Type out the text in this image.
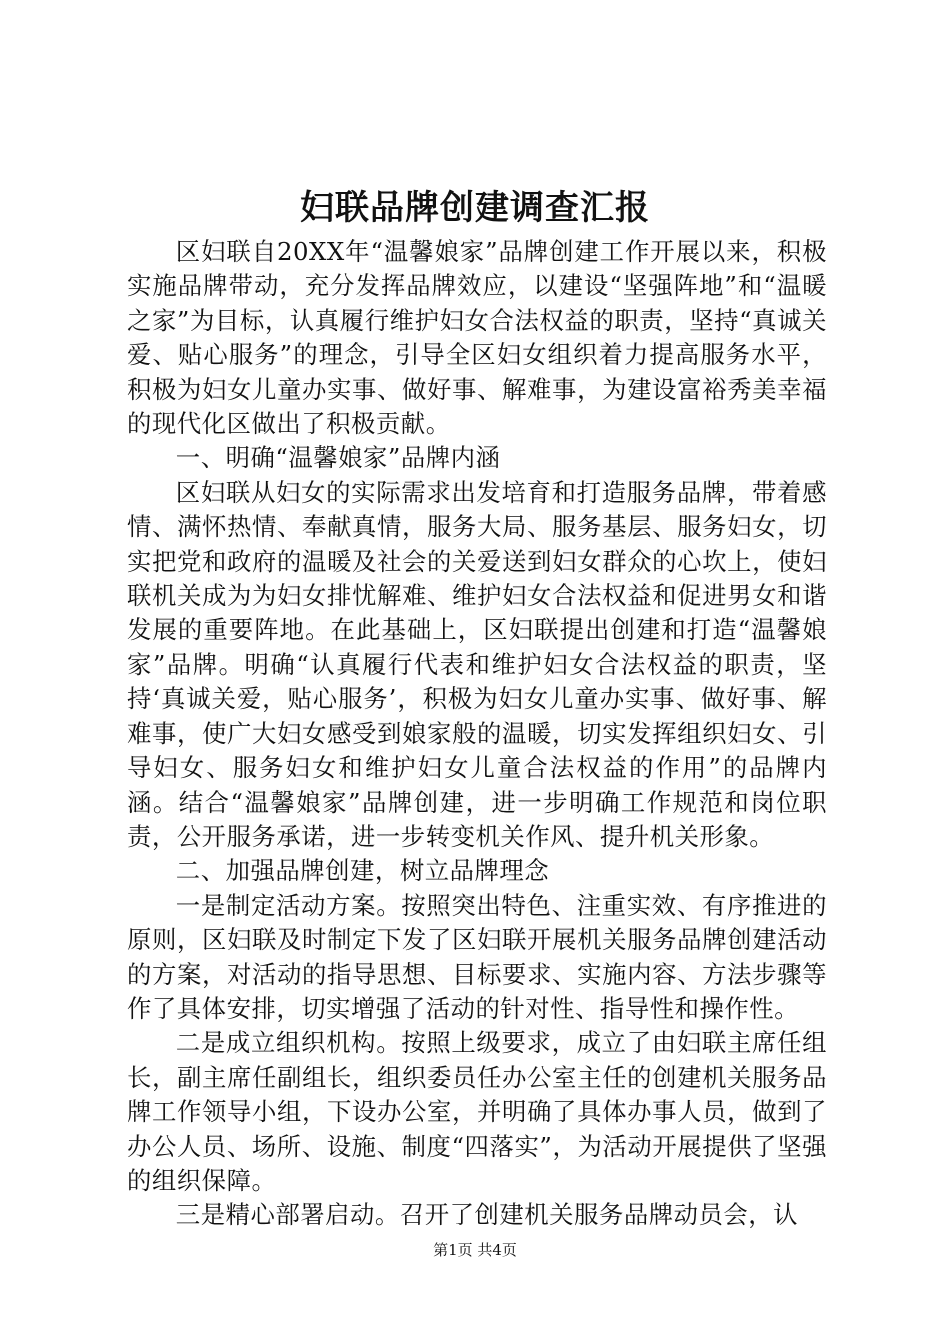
妇联品牌创建调查汇报

区妇联自20XX年“温馨娘家”品牌创建工作开展以来，积极实施品牌带动，充分发挥品牌效应，以建设“坚强阵地”和“温暖之家”为目标，认真履行维护妇女合法权益的职责，坚持“真诚关爱、贴心服务”的理念，引导全区妇女组织着力提高服务水平，积极为妇女儿童办实事、做好事、解难事，为建设富裕秀美幸福的现代化区做出了积极贡献。

一、明确“温馨娘家”品牌内涵

区妇联从妇女的实际需求出发培育和打造服务品牌，带着感情、满怀热情、奉献真情，服务大局、服务基层、服务妇女，切实把党和政府的温暖及社会的关爱送到妇女群众的心坎上，使妇联机关成为为妇女排忧解难、维护妇女合法权益和促进男女和谐发展的重要阵地。在此基础上，区妇联提出创建和打造“温馨娘家”品牌。明确“认真履行代表和维护妇女合法权益的职责，坚持‘真诚关爱，贴心服务’，积极为妇女儿童办实事、做好事、解难事，使广大妇女感受到娘家般的温暖，切实发挥组织妇女、引导妇女、服务妇女和维护妇女儿童合法权益的作用”的品牌内涵。结合“温馨娘家”品牌创建，进一步明确工作规范和岗位职责，公开服务承诺，进一步转变机关作风、提升机关形象。

二、加强品牌创建，树立品牌理念

一是制定活动方案。按照突出特色、注重实效、有序推进的原则，区妇联及时制定下发了区妇联开展机关服务品牌创建活动的方案，对活动的指导思想、目标要求、实施内容、方法步骤等作了具体安排，切实增强了活动的针对性、指导性和操作性。

二是成立组织机构。按照上级要求，成立了由妇联主席任组长，副主席任副组长，组织委员任办公室主任的创建机关服务品牌工作领导小组，下设办公室，并明确了具体办事人员，做到了办公人员、场所、设施、制度“四落实”，为活动开展提供了坚强的组织保障。

三是精心部署启动。召开了创建机关服务品牌动员会，认

第1页 共4页
